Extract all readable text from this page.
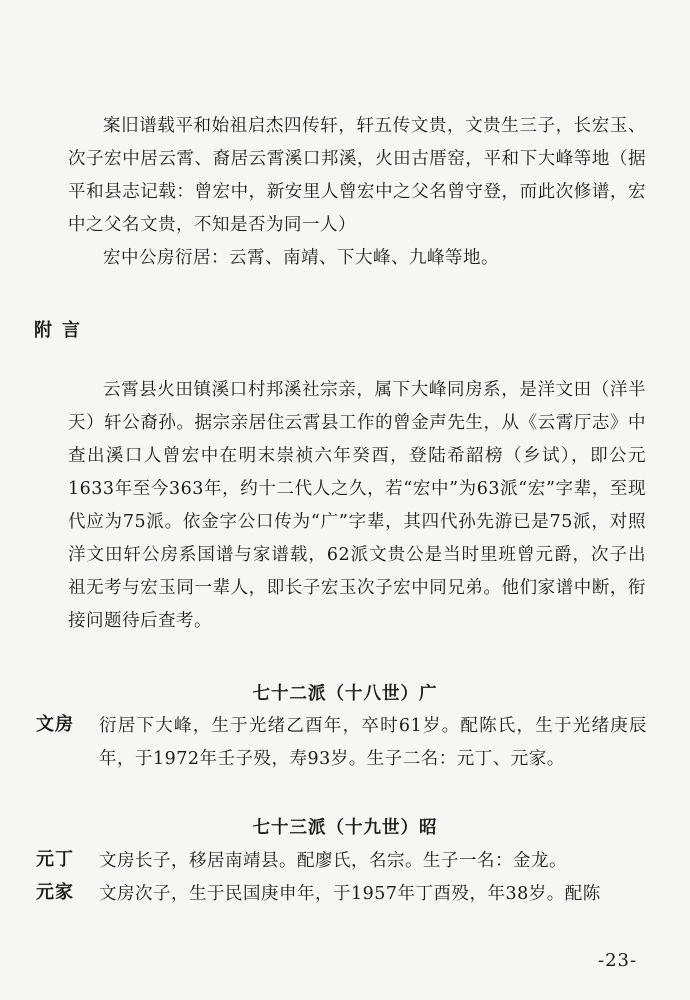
案旧谱载平和始祖启杰四传轩，轩五传文贵，文贵生三子，长宏玉、次子宏中居云霄、裔居云霄溪口邦溪，火田古厝窑，平和下大峰等地（据平和县志记载：曾宏中，新安里人曾宏中之父名曾守登，而此次修谱，宏中之父名文贵，不知是否为同一人）

宏中公房衍居：云霄、南靖、下大峰、九峰等地。

附言

云霄县火田镇溪口村邦溪社宗亲，属下大峰同房系，是洋文田（洋半天）轩公裔孙。据宗亲居住云霄县工作的曾金声先生，从《云霄厅志》中查出溪口人曾宏中在明末崇祯六年癸酉，登陆希韶榜（乡试），即公元1633年至今363年，约十二代人之久，若“宏中”为63派“宏”字辈，至现代应为75派。依金字公口传为“广”字辈，其四代孙先游已是75派，对照洋文田轩公房系国谱与家谱载，62派文贵公是当时里班曾元爵，次子出祖无考与宏玉同一辈人，即长子宏玉次子宏中同兄弟。他们家谱中断，衔接问题待后查考。

七十二派（十八世）广
文房 衍居下大峰，生于光绪乙酉年，卒时61岁。配陈氏，生于光绪庚辰年，于1972年壬子殁，寿93岁。生子二名：元丁、元家。

七十三派（十九世）昭
元丁 文房长子，移居南靖县。配廖氏，名宗。生子一名：金龙。

元家 文房次子，生于民国庚申年，于1957年丁酉殁，年38岁。配陈

-23-
